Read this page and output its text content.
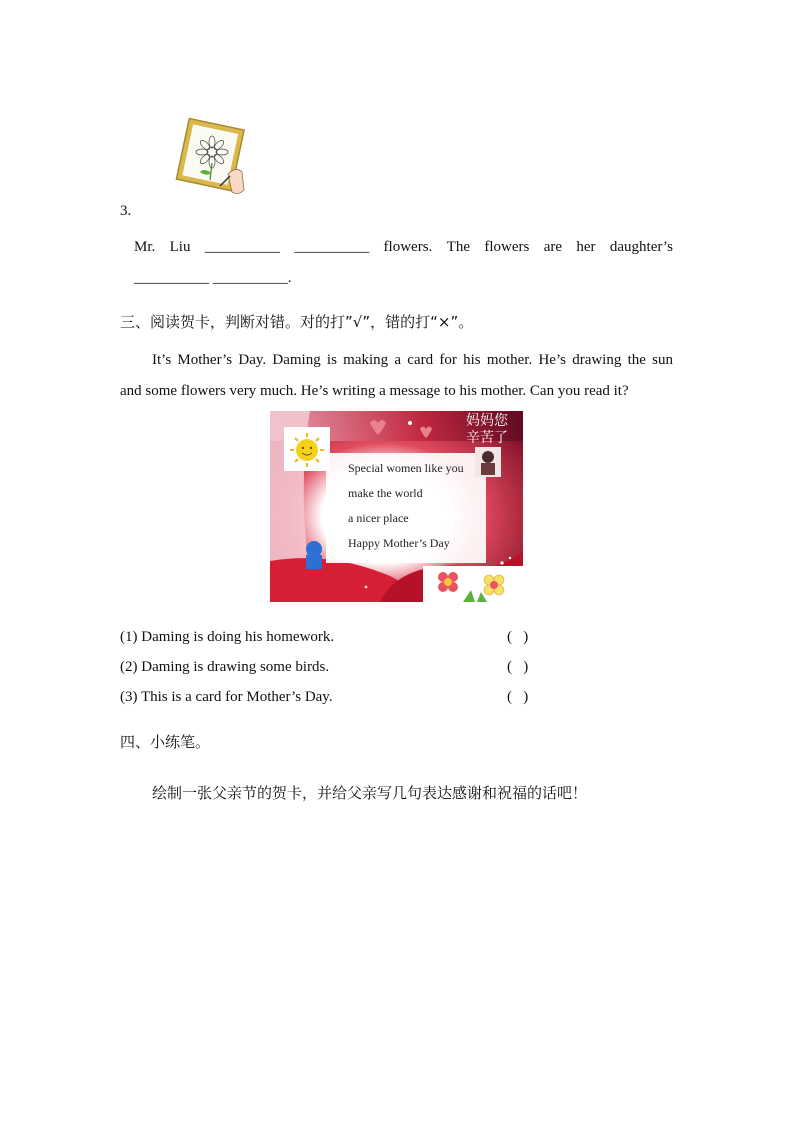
3.
Mr. Liu __________ __________ flowers. The flowers are her daughter’s
__________ __________.
三、阅读贺卡，判断对错。对的打”√”，错的打“×”。
It’s Mother’s Day. Daming is making a card for his mother. He’s drawing the sun
and some flowers very much. He’s writing a message to his mother. Can you read it?
妈妈您
辛苦了
Special women like you
make the world
a nicer place
Happy Mother’s Day
(1) Daming is doing his homework.	(   )
(2) Daming is drawing some birds.	(   )
(3) This is a card for Mother’s Day.	(   )
四、小练笔。
绘制一张父亲节的贺卡，并给父亲写几句表达感谢和祝福的话吧！
